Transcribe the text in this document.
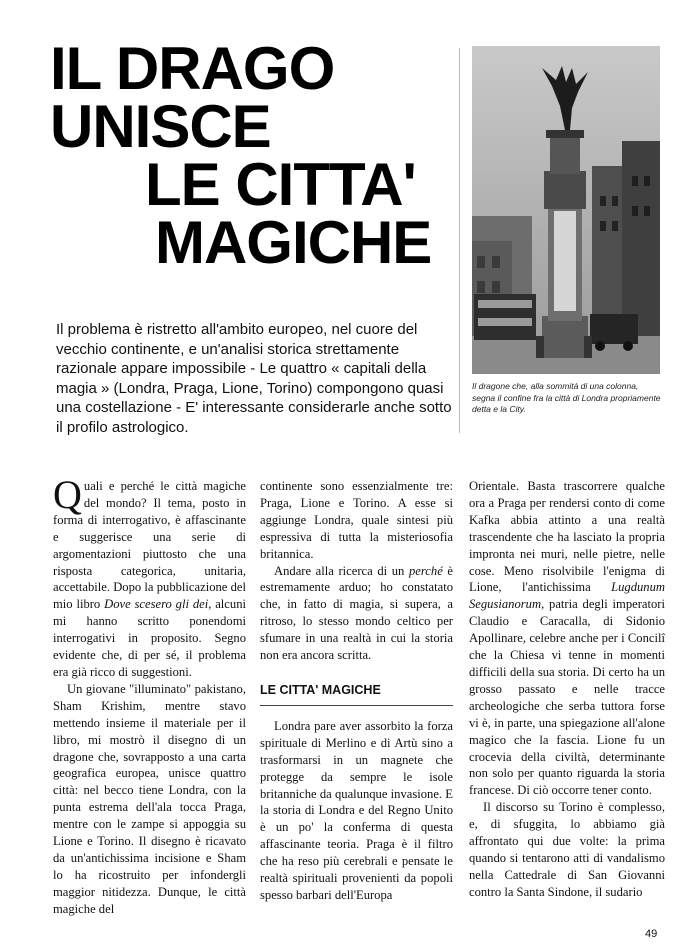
IL DRAGO
UNISCE
LE CITTA'
MAGICHE
Il dragone che, alla sommità di una colonna, segna il confine fra la città di Londra propriamente detta e la City.
Il problema è ristretto all'ambito europeo, nel cuore del vecchio continente, e un'analisi storica strettamente razionale appare impossibile - Le quattro « capitali della magia » (Londra, Praga, Lione, Torino) compongono quasi una costellazione - E' interessante considerarle anche sotto il profilo astrologico.

Quali e perché le città magiche del mondo? Il tema, posto in forma di interrogativo, è affascinante e suggerisce una serie di argomentazioni piuttosto che una risposta categorica, unitaria, accettabile. Dopo la pubblicazione del mio libro Dove scesero gli dei, alcuni mi hanno scritto ponendomi interrogativi in proposito. Segno evidente che, di per sé, il problema era già ricco di suggestioni.

Un giovane "illuminato" pakistano, Sham Krishim, mentre stavo mettendo insieme il materiale per il libro, mi mostrò il disegno di un dragone che, sovrapposto a una carta geografica europea, unisce quattro città: nel becco tiene Londra, con la punta estrema dell'ala tocca Praga, mentre con le zampe si appoggia su Lione e Torino. Il disegno è ricavato da un'antichissima incisione e Sham lo ha ricostruito per infondergli maggior nitidezza. Dunque, le città magiche del

continente sono essenzialmente tre: Praga, Lione e Torino. A esse si aggiunge Londra, quale sintesi più espressiva di tutta la misteriosofia britannica.

Andare alla ricerca di un perché è estremamente arduo; ho constatato che, in fatto di magia, si supera, a ritroso, lo stesso mondo celtico per sfumare in una realtà in cui la storia non era ancora scritta.

LE CITTA' MAGICHE

Londra pare aver assorbito la forza spirituale di Merlino e di Artù sino a trasformarsi in un magnete che protegge da sempre le isole britanniche da qualunque invasione. E la storia di Londra e del Regno Unito è un po' la conferma di questa affascinante teoria. Praga è il filtro che ha reso più cerebrali e pensate le realtà spirituali provenienti da popoli spesso barbari dell'Europa

Orientale. Basta trascorrere qualche ora a Praga per rendersi conto di come Kafka abbia attinto a una realtà trascendente che ha lasciato la propria impronta nei muri, nelle pietre, nelle cose. Meno risolvibile l'enigma di Lione, l'antichissima Lugdunum Segusianorum, patria degli imperatori Claudio e Caracalla, di Sidonio Apollinare, celebre anche per i Concilî che la Chiesa vi tenne in momenti difficili della sua storia. Di certo ha un grosso passato e nelle tracce archeologiche che serba tuttora forse vi è, in parte, una spiegazione all'alone magico che la fascia. Lione fu un crocevia della civiltà, determinante non solo per quanto riguarda la storia francese. Di ciò occorre tener conto.

Il discorso su Torino è complesso, e, di sfuggita, lo abbiamo già affrontato qui due volte: la prima quando si tentarono atti di vandalismo nella Cattedrale di San Giovanni contro la Santa Sindone, il sudario

49
